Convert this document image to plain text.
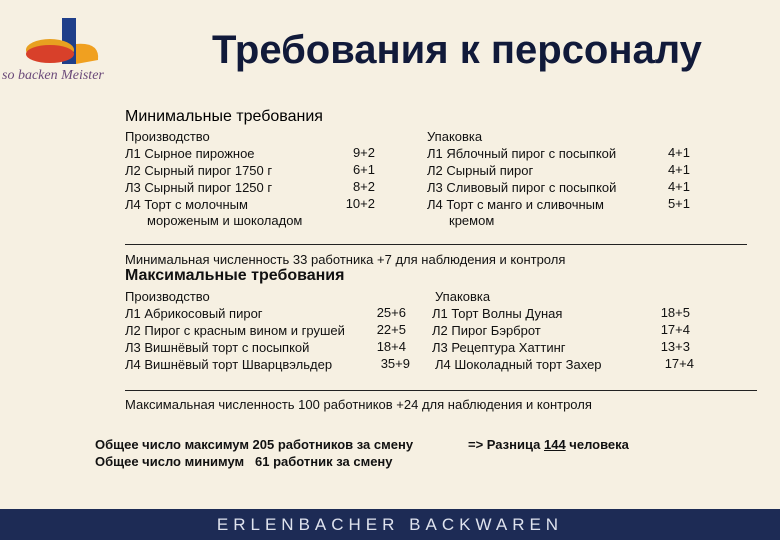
so backen Meister
Требования к персоналу
Минимальные требования
Производство	Упаковка
Л1 Сырное пирожное	9+2	Л1 Яблочный пирог с посыпкой	4+1
Л2 Сырный пирог 1750 г	6+1	Л2 Сырный пирог	4+1
Л3 Сырный пирог 1250 г	8+2	Л3 Сливовый пирог с посыпкой	4+1
Л4 Торт с молочным	10+2	Л4 Торт с манго и сливочным	5+1
мороженым и шоколадом	кремом
Минимальная численность 33 работника +7 для наблюдения и контроля
Максимальные требования
Производство	Упаковка
Л1 Абрикосовый пирог	25+6 Л1 Торт Волны Дуная	18+5
Л2 Пирог с красным вином и грушей	22+5 Л2 Пирог Бэрброт	17+4
Л3 Вишнёвый торт с посыпкой	18+4 Л3 Рецептура Хаттинг	13+3
Л4 Вишнёвый торт Шварцвэльдер	35+9 Л4 Шоколадный торт Захер	17+4
Максимальная численность 100 работников +24 для наблюдения и контроля
Общее число максимум 205 работников за смену
Общее число минимум   61 работник за смену
=> Разница 144 человека
ERLENBACHER BACKWAREN
